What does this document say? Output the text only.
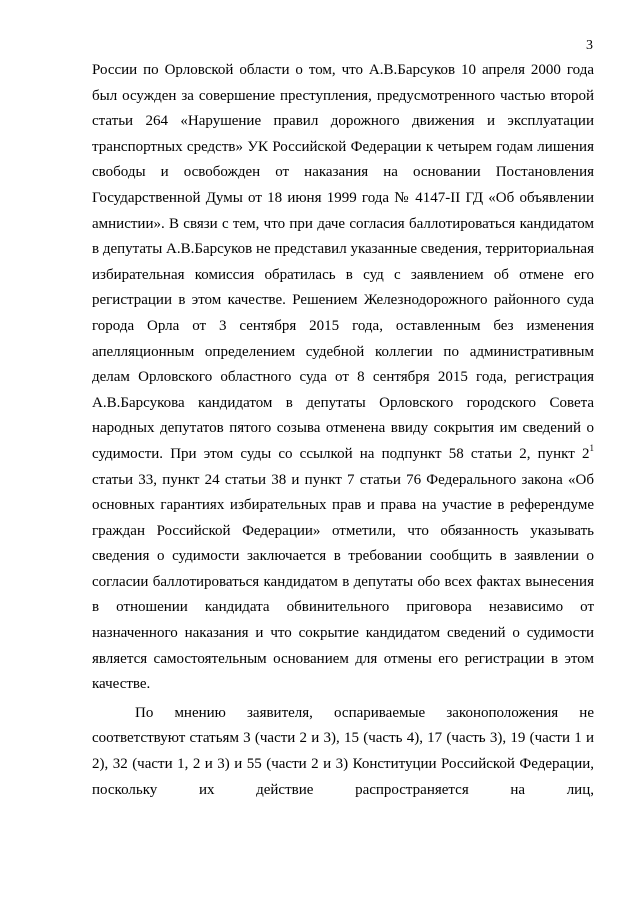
3

России по Орловской области о том, что А.В.Барсуков 10 апреля 2000 года был осужден за совершение преступления, предусмотренного частью второй статьи 264 «Нарушение правил дорожного движения и эксплуатации транспортных средств» УК Российской Федерации к четырем годам лишения свободы и освобожден от наказания на основании Постановления Государственной Думы от 18 июня 1999 года № 4147-II ГД «Об объявлении амнистии». В связи с тем, что при даче согласия баллотироваться кандидатом в депутаты А.В.Барсуков не представил указанные сведения, территориальная избирательная комиссия обратилась в суд с заявлением об отмене его регистрации в этом качестве. Решением Железнодорожного районного суда города Орла от 3 сентября 2015 года, оставленным без изменения апелляционным определением судебной коллегии по административным делам Орловского областного суда от 8 сентября 2015 года, регистрация А.В.Барсукова кандидатом в депутаты Орловского городского Совета народных депутатов пятого созыва отменена ввиду сокрытия им сведений о судимости. При этом суды со ссылкой на подпункт 58 статьи 2, пункт $2^1$ статьи 33, пункт 24 статьи 38 и пункт 7 статьи 76 Федерального закона «Об основных гарантиях избирательных прав и права на участие в референдуме граждан Российской Федерации» отметили, что обязанность указывать сведения о судимости заключается в требовании сообщить в заявлении о согласии баллотироваться кандидатом в депутаты обо всех фактах вынесения в отношении кандидата обвинительного приговора независимо от назначенного наказания и что сокрытие кандидатом сведений о судимости является самостоятельным основанием для отмены его регистрации в этом качестве.

По мнению заявителя, оспариваемые законоположения не соответствуют статьям 3 (части 2 и 3), 15 (часть 4), 17 (часть 3), 19 (части 1 и 2), 32 (части 1, 2 и 3) и 55 (части 2 и 3) Конституции Российской Федерации, поскольку их действие распространяется на лиц,
